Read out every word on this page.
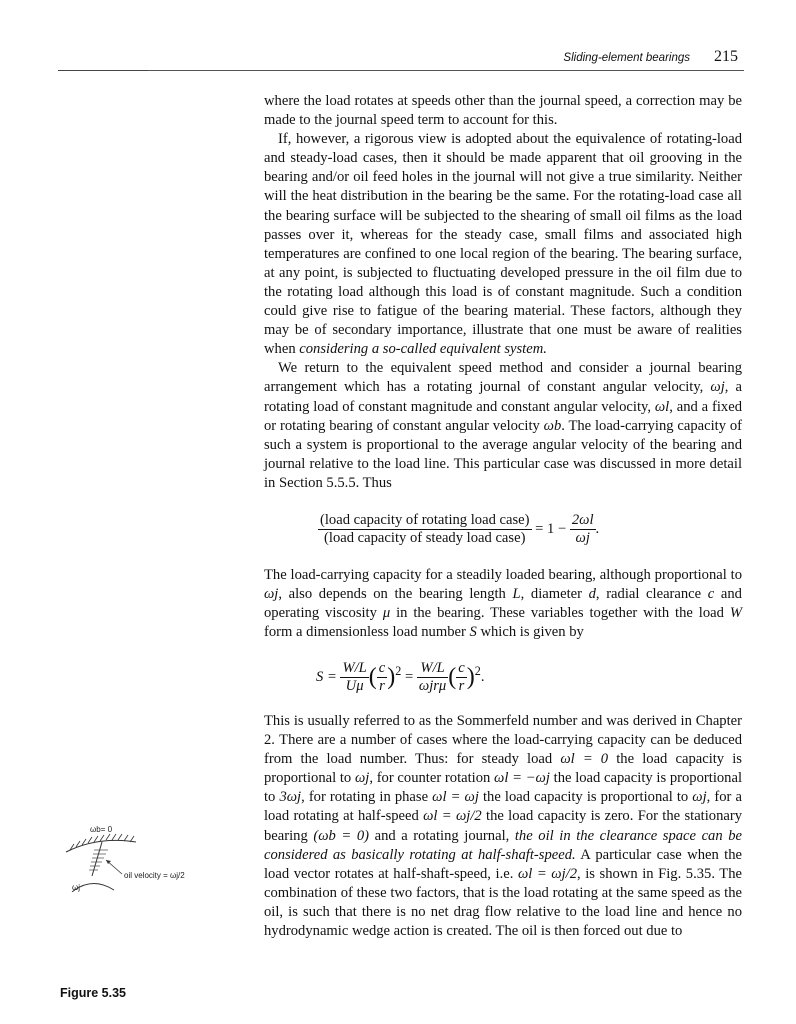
Sliding-element bearings 215

where the load rotates at speeds other than the journal speed, a correction may be made to the journal speed term to account for this.

If, however, a rigorous view is adopted about the equivalence of rotating-load and steady-load cases, then it should be made apparent that oil grooving in the bearing and/or oil feed holes in the journal will not give a true similarity. Neither will the heat distribution in the bearing be the same. For the rotating-load case all the bearing surface will be subjected to the shearing of small oil films as the load passes over it, whereas for the steady case, small films and associated high temperatures are confined to one local region of the bearing. The bearing surface, at any point, is subjected to fluctuating developed pressure in the oil film due to the rotating load although this load is of constant magnitude. Such a condition could give rise to fatigue of the bearing material. These factors, although they may be of secondary importance, illustrate that one must be aware of realities when considering a so-called equivalent system.

We return to the equivalent speed method and consider a journal bearing arrangement which has a rotating journal of constant angular velocity, ωj, a rotating load of constant magnitude and constant angular velocity, ωl, and a fixed or rotating bearing of constant angular velocity ωb. The load-carrying capacity of such a system is proportional to the average angular velocity of the bearing and journal relative to the load line. This particular case was discussed in more detail in Section 5.5.5. Thus

$\frac{\text{(load capacity of rotating load case)}}{\text{(load capacity of steady load case)}} = 1 - \frac{2\omega l}{\omega j}$ .

The load-carrying capacity for a steadily loaded bearing, although proportional to ωj, also depends on the bearing length L, diameter d, radial clearance c and operating viscosity μ in the bearing. These variables together with the load W form a dimensionless load number S which is given by

$S = \frac{W/L}{U\mu}$ ( $\frac{c}{r} )^2 = \frac{W/L}{\text{ωjrμ}}$ ( $\frac{c}{r} )^2$.

This is usually referred to as the Sommerfeld number and was derived in Chapter 2. There are a number of cases where the load-carrying capacity can be deduced from the load number. Thus: for steady load ωl = 0 the load capacity is proportional to ωj, for counter rotation ωl = −ωj the load capacity is proportional to 3ωj, for rotating in phase ωl = ωj the load capacity is proportional to ωj, for a load rotating at half-speed ωl = ωj/2 the load capacity is zero. For the stationary bearing (ωb = 0) and a rotating journal, the oil in the clearance space can be considered as basically rotating at half-shaft-speed. A particular case when the load vector rotates at half-shaft-speed, i.e. ωl = ωj/2, is shown in Fig. 5.35. The combination of these two factors, that is the load rotating at the same speed as the oil, is such that there is no net drag flow relative to the load line and hence no hydrodynamic wedge action is created. The oil is then forced out due to

ωb= 0
oil velocity = ωj/2
ωj
Figure 5.35
